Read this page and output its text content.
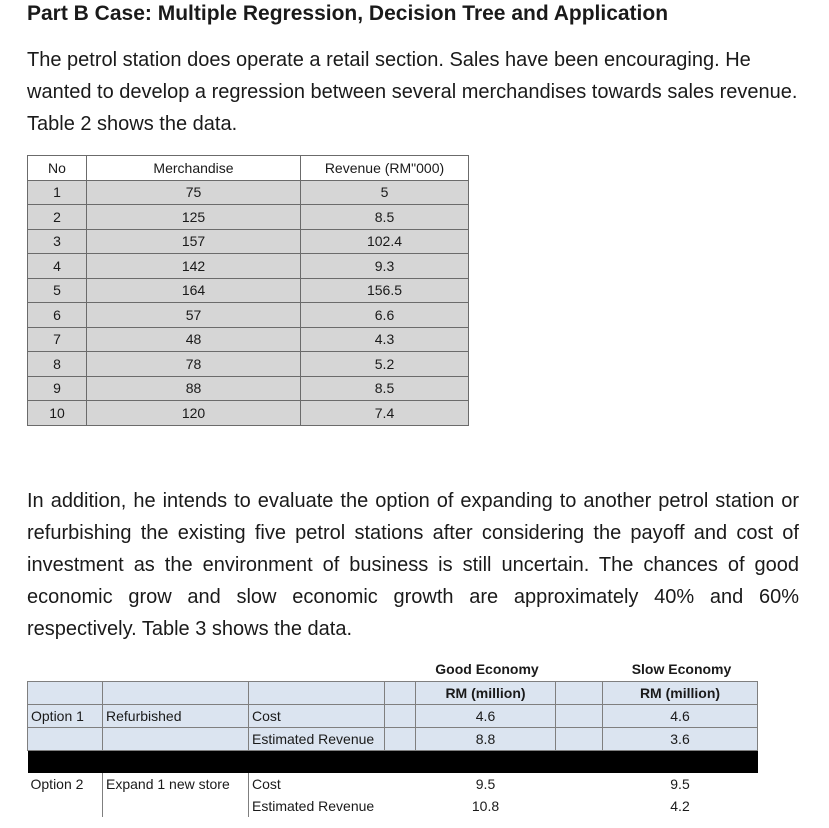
Part B Case: Multiple Regression, Decision Tree and Application
The petrol station does operate a retail section. Sales have been encouraging. He wanted to develop a regression between several merchandises towards sales revenue. Table 2 shows the data.
No	Merchandise	Revenue (RM"000)
1	75	5
2	125	8.5
3	157	102.4
4	142	9.3
5	164	156.5
6	57	6.6
7	48	4.3
8	78	5.2
9	88	8.5
10	120	7.4
In addition, he intends to evaluate the option of expanding to another petrol station or refurbishing the existing five petrol stations after considering the payoff and cost of investment as the environment of business is still uncertain. The chances of good economic grow and slow economic growth are approximately 40% and 60% respectively. Table 3 shows the data.
				Good Economy		Slow Economy
				RM (million)		RM (million)
Option 1	Refurbished	Cost		4.6		4.6
		Estimated Revenue		8.8		3.6

Option 2	Expand 1 new store	Cost		9.5		9.5
		Estimated Revenue		10.8		4.2
